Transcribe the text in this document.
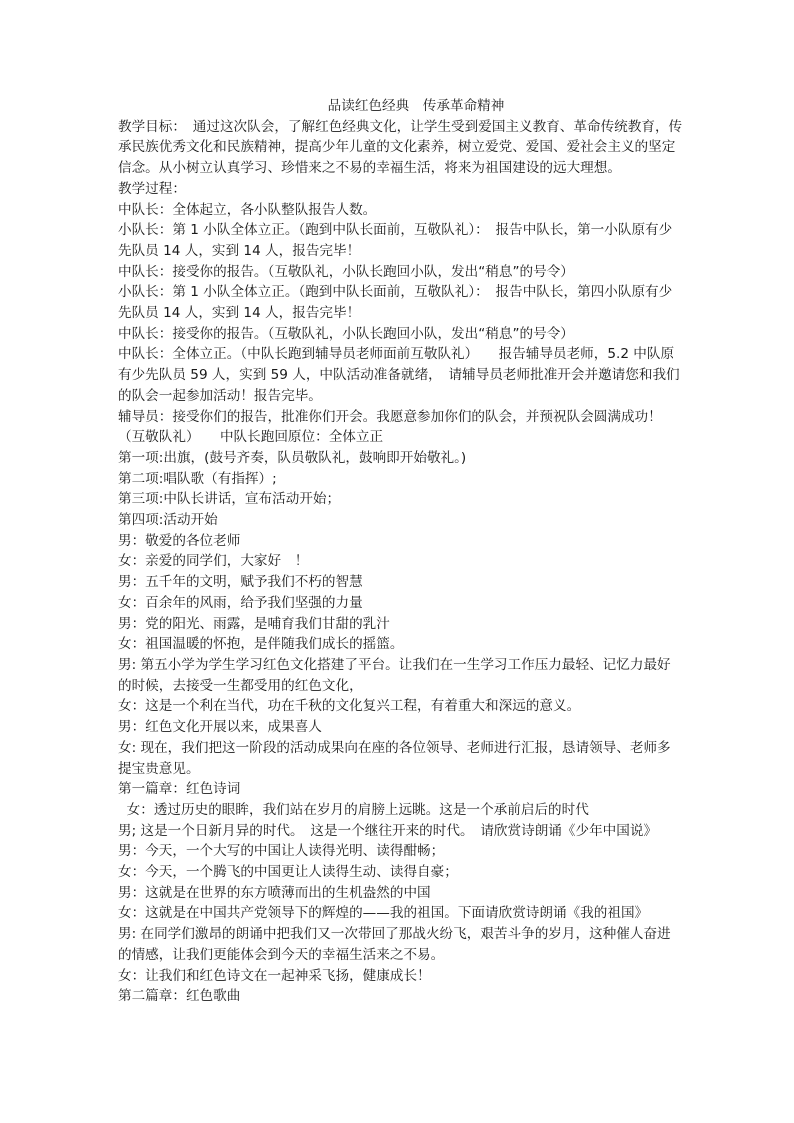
品读红色经典　传承革命精神

教学目标：　通过这次队会，了解红色经典文化，让学生受到爱国主义教育、革命传统教育，传承民族优秀文化和民族精神，提高少年儿童的文化素养，树立爱党、爱国、爱社会主义的坚定信念。从小树立认真学习、珍惜来之不易的幸福生活，将来为祖国建设的远大理想。

教学过程：

中队长：全体起立，各小队整队报告人数。

小队长：第 1 小队全体立正。（跑到中队长面前，互敬队礼）：　报告中队长，第一小队原有少先队员 14 人，实到 14 人，报告完毕！

中队长：接受你的报告。（互敬队礼，小队长跑回小队，发出“稍息”的号令）

小队长：第 1 小队全体立正。（跑到中队长面前，互敬队礼）：　报告中队长，第四小队原有少先队员 14 人，实到 14 人，报告完毕！

中队长：接受你的报告。（互敬队礼，小队长跑回小队，发出“稍息”的号令）

中队长：全体立正。（中队长跑到辅导员老师面前互敬队礼）　　报告辅导员老师，5.2 中队原有少先队员 59 人，实到 59 人，中队活动准备就绪，　请辅导员老师批准开会并邀请您和我们的队会一起参加活动！报告完毕。

辅导员：接受你们的报告，批准你们开会。我愿意参加你们的队会，并预祝队会圆满成功！（互敬队礼）　　中队长跑回原位：全体立正

第一项:出旗，(鼓号齐奏，队员敬队礼，鼓响即开始敬礼。)

第二项:唱队歌（有指挥）;

第三项:中队长讲话，宣布活动开始；

第四项:活动开始

男：敬爱的各位老师

女：亲爱的同学们，大家好　！

男：五千年的文明，赋予我们不朽的智慧

女：百余年的风雨，给予我们坚强的力量

男：党的阳光、雨露，是哺育我们甘甜的乳汁

女：祖国温暖的怀抱，是伴随我们成长的摇篮。

男: 第五小学为学生学习红色文化搭建了平台。让我们在一生学习工作压力最轻、记忆力最好的时候，去接受一生都受用的红色文化，

女：这是一个利在当代，功在千秋的文化复兴工程，有着重大和深远的意义。

男：红色文化开展以来，成果喜人

女: 现在，我们把这一阶段的活动成果向在座的各位领导、老师进行汇报，恳请领导、老师多提宝贵意见。

第一篇章：红色诗词

女：透过历史的眼眸，我们站在岁月的肩膀上远眺。这是一个承前启后的时代

男; 这是一个日新月异的时代。　这是一个继往开来的时代。　请欣赏诗朗诵《少年中国说》

男：今天，一个大写的中国让人读得光明、读得酣畅；

女：今天，一个腾飞的中国更让人读得生动、读得自豪；

男：这就是在世界的东方喷薄而出的生机盎然的中国

女：这就是在中国共产党领导下的辉煌的——我的祖国。下面请欣赏诗朗诵《我的祖国》

男: 在同学们激昂的朗诵中把我们又一次带回了那战火纷飞，艰苦斗争的岁月，这种催人奋进的情感，让我们更能体会到今天的幸福生活来之不易。

女：让我们和红色诗文在一起神采飞扬，健康成长！

第二篇章：红色歌曲
